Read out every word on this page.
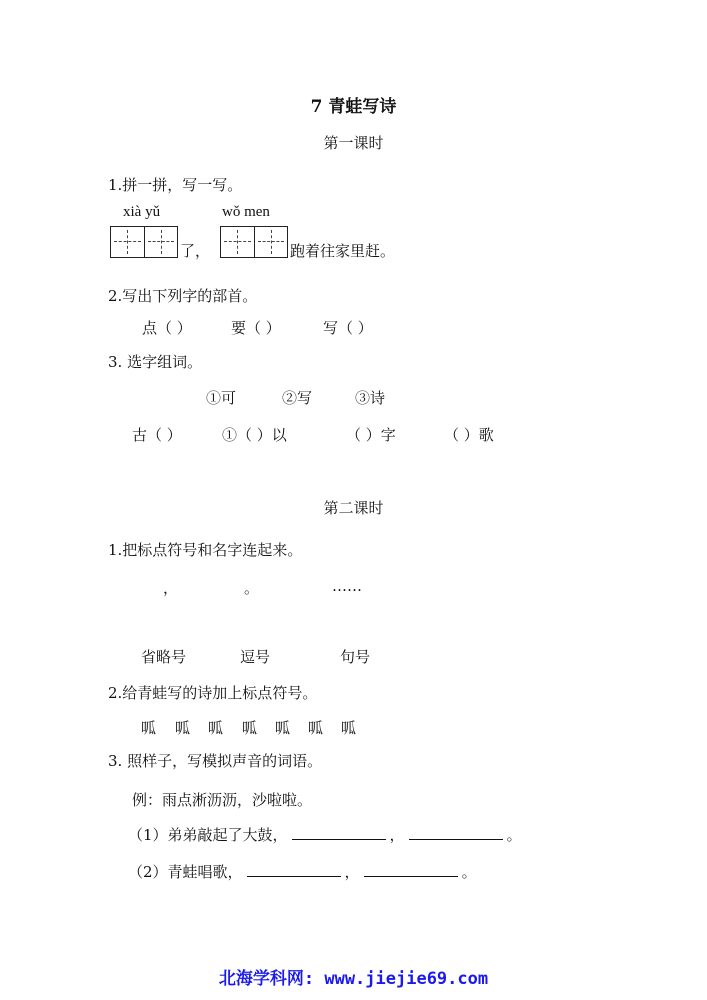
7 青蛙写诗
第一课时
1.拼一拼，写一写。
xià yǔ	wǒ men
了，	跑着往家里赶。
2.写出下列字的部首。
点（ ）	要（ ）	写（ ）
3. 选字组词。
①可	②写	③诗
古（ ）	①（ ）以	（ ）字	（ ）歌
第二课时
1.把标点符号和名字连起来。
，	。	……
省略号	逗号	句号
2.给青蛙写的诗加上标点符号。
呱 呱 呱 呱 呱 呱 呱
3. 照样子，写模拟声音的词语。
例：雨点淅沥沥，沙啦啦。
（1）弟弟敲起了大鼓，	，	。
（2）青蛙唱歌，	，	。
北海学科网: www.jiejie69.com
